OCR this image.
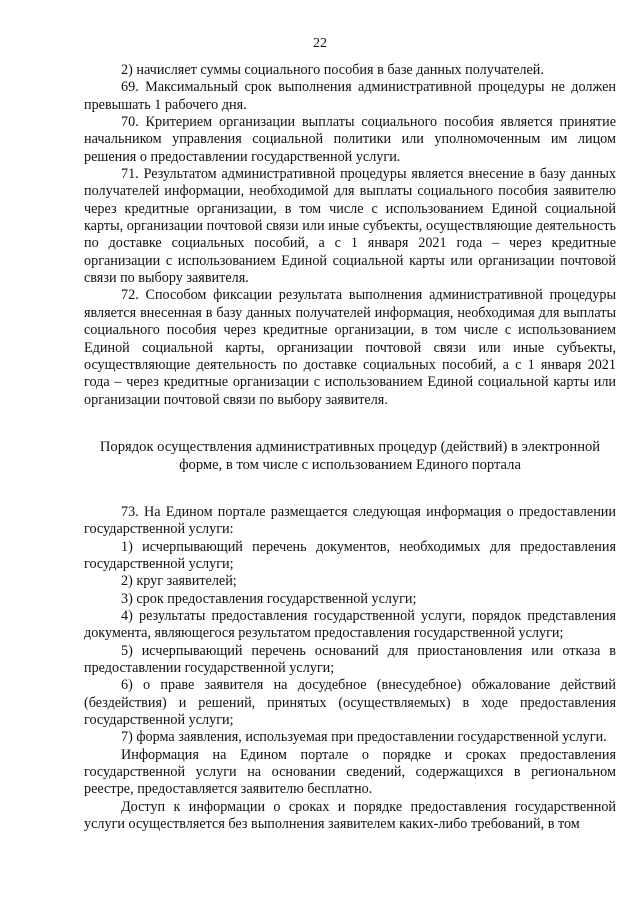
22

2) начисляет суммы социального пособия в базе данных получателей.

69. Максимальный срок выполнения административной процедуры не должен превышать 1 рабочего дня.

70. Критерием организации выплаты социального пособия является принятие начальником управления социальной политики или уполномоченным им лицом решения о предоставлении государственной услуги.

71. Результатом административной процедуры является внесение в базу данных получателей информации, необходимой для выплаты социального пособия заявителю через кредитные организации, в том числе с использованием Единой социальной карты, организации почтовой связи или иные субъекты, осуществляющие деятельность по доставке социальных пособий, а с 1 января 2021 года – через кредитные организации с использованием Единой социальной карты или организации почтовой связи по выбору заявителя.

72. Способом фиксации результата выполнения административной процедуры является внесенная в базу данных получателей информация, необходимая для выплаты социального пособия через кредитные организации, в том числе с использованием Единой социальной карты, организации почтовой связи или иные субъекты, осуществляющие деятельность по доставке социальных пособий, а с 1 января 2021 года – через кредитные организации с использованием Единой социальной карты или организации почтовой связи по выбору заявителя.

Порядок осуществления административных процедур (действий) в электронной форме, в том числе с использованием Единого портала

73. На Едином портале размещается следующая информация о предоставлении государственной услуги:

1) исчерпывающий перечень документов, необходимых для предоставления государственной услуги;

2) круг заявителей;

3) срок предоставления государственной услуги;

4) результаты предоставления государственной услуги, порядок представления документа, являющегося результатом предоставления государственной услуги;

5) исчерпывающий перечень оснований для приостановления или отказа в предоставлении государственной услуги;

6) о праве заявителя на досудебное (внесудебное) обжалование действий (бездействия) и решений, принятых (осуществляемых) в ходе предоставления государственной услуги;

7) форма заявления, используемая при предоставлении государственной услуги.

Информация на Едином портале о порядке и сроках предоставления государственной услуги на основании сведений, содержащихся в региональном реестре, предоставляется заявителю бесплатно.

Доступ к информации о сроках и порядке предоставления государственной услуги осуществляется без выполнения заявителем каких-либо требований, в том
